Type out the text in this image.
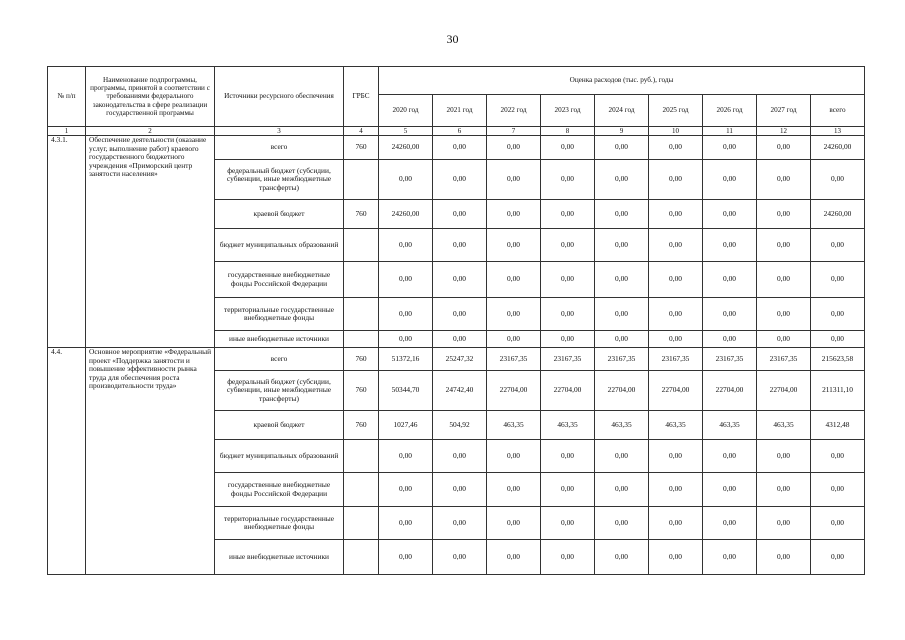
30
№ п/п	Наименование подпрограммы, программы, принятой в соответствии с требованиями федерального законодательства в сфере реализации государственной программы	Источники ресурсного обеспечения	ГРБС	Оценка расходов (тыс. руб.), годы								
				2020 год	2021 год	2022 год	2023 год	2024 год	2025 год	2026 год	2027 год	всего
1	2	3	4	5	6	7	8	9	10	11	12	13
4.3.1.	Обеспечение деятельности (оказание услуг, выполнение работ) краевого государственного бюджетного учреждения «Приморский центр занятости населения»	всего	760	24260,00	0,00	0,00	0,00	0,00	0,00	0,00	0,00	24260,00
		федеральный бюджет (субсидии, субвенции, иные межбюджетные трансферты)		0,00	0,00	0,00	0,00	0,00	0,00	0,00	0,00	0,00
		краевой бюджет	760	24260,00	0,00	0,00	0,00	0,00	0,00	0,00	0,00	24260,00
		бюджет муниципальных образований		0,00	0,00	0,00	0,00	0,00	0,00	0,00	0,00	0,00
		государственные внебюджетные фонды Российской Федерации		0,00	0,00	0,00	0,00	0,00	0,00	0,00	0,00	0,00
		территориальные государственные внебюджетные фонды		0,00	0,00	0,00	0,00	0,00	0,00	0,00	0,00	0,00
		иные внебюджетные источники		0,00	0,00	0,00	0,00	0,00	0,00	0,00	0,00	0,00
4.4.	Основное мероприятие «Федеральный проект «Поддержка занятости и повышение эффективности рынка труда для обеспечения роста производительности труда»	всего	760	51372,16	25247,32	23167,35	23167,35	23167,35	23167,35	23167,35	23167,35	215623,58
		федеральный бюджет (субсидии, субвенции, иные межбюджетные трансферты)	760	50344,70	24742,40	22704,00	22704,00	22704,00	22704,00	22704,00	22704,00	211311,10
		краевой бюджет	760	1027,46	504,92	463,35	463,35	463,35	463,35	463,35	463,35	4312,48
		бюджет муниципальных образований		0,00	0,00	0,00	0,00	0,00	0,00	0,00	0,00	0,00
		государственные внебюджетные фонды Российской Федерации		0,00	0,00	0,00	0,00	0,00	0,00	0,00	0,00	0,00
		территориальные государственные внебюджетные фонды		0,00	0,00	0,00	0,00	0,00	0,00	0,00	0,00	0,00
		иные внебюджетные источники		0,00	0,00	0,00	0,00	0,00	0,00	0,00	0,00	0,00
